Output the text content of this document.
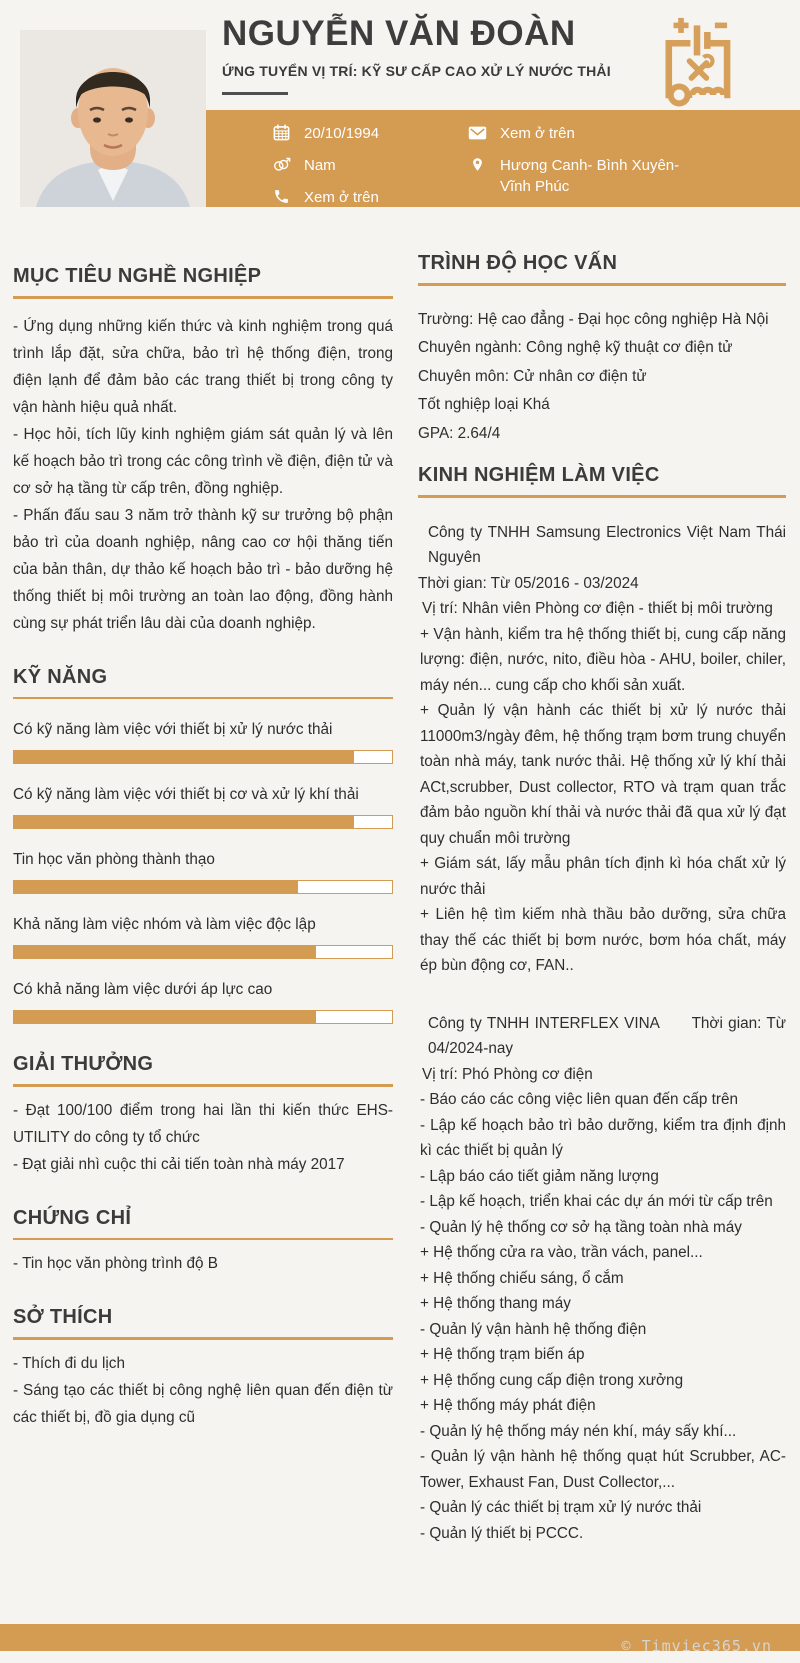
NGUYỄN VĂN ĐOÀN
ỨNG TUYỂN VỊ TRÍ: KỸ SƯ CẤP CAO XỬ LÝ NƯỚC THẢI
20/10/1994
Nam
Xem ở trên
Xem ở trên
Hương Canh- Bình Xuyên- Vĩnh Phúc
MỤC TIÊU NGHỀ NGHIỆP
- Ứng dụng những kiến thức và kinh nghiệm trong quá trình lắp đặt, sửa chữa, bảo trì hệ thống điện, trong điện lạnh để đảm bảo các trang thiết bị trong công ty vận hành hiệu quả nhất.
- Học hỏi, tích lũy kinh nghiệm giám sát quản lý và lên kế hoạch bảo trì trong các công trình về điện, điện tử và cơ sở hạ tầng từ cấp trên, đồng nghiệp.
- Phấn đấu sau 3 năm trở thành kỹ sư trưởng bộ phận bảo trì của doanh nghiệp, nâng cao cơ hội thăng tiến của bản thân, dự thảo kế hoạch bảo trì - bảo dưỡng hệ thống thiết bị môi trường an toàn lao động, đồng hành cùng sự phát triển lâu dài của doanh nghiệp.
KỸ NĂNG
Có kỹ năng làm việc với thiết bị xử lý nước thải
Có kỹ năng làm việc với thiết bị cơ và xử lý khí thải
Tin học văn phòng thành thạo
Khả năng làm việc nhóm và làm việc độc lập
Có khả năng làm việc dưới áp lực cao
GIẢI THƯỞNG
- Đạt 100/100 điểm trong hai lần thi kiến thức EHS- UTILITY do công ty tổ chức
- Đạt giải nhì cuộc thi cải tiến toàn nhà máy 2017
CHỨNG CHỈ
- Tin học văn phòng trình độ B
SỞ THÍCH
- Thích đi du lịch
- Sáng tạo các thiết bị công nghệ liên quan đến điện từ các thiết bị, đồ gia dụng cũ
TRÌNH ĐỘ HỌC VẤN
Trường: Hệ cao đẳng - Đại học công nghiệp Hà Nội
Chuyên ngành: Công nghệ kỹ thuật cơ điện tử
Chuyên môn: Cử nhân cơ điện tử
Tốt nghiệp loại Khá
GPA: 2.64/4
KINH NGHIỆM LÀM VIỆC
Công ty TNHH Samsung Electronics Việt Nam Thái Nguyên
Thời gian: Từ 05/2016 - 03/2024
Vị trí: Nhân viên Phòng cơ điện - thiết bị môi trường
+ Vận hành, kiểm tra hệ thống thiết bị, cung cấp năng lượng: điện, nước, nito, điều hòa - AHU, boiler, chiler, máy nén... cung cấp cho khối sản xuất.
+ Quản lý vận hành các thiết bị xử lý nước thải 11000m3/ngày đêm, hệ thống trạm bơm trung chuyển toàn nhà máy, tank nước thải. Hệ thống xử lý khí thải ACt,scrubber, Dust collector, RTO và trạm quan trắc đảm bảo nguồn khí thải và nước thải đã qua xử lý đạt quy chuẩn môi trường
+ Giám sát, lấy mẫu phân tích định kì hóa chất xử lý nước thải
+ Liên hệ tìm kiếm nhà thầu bảo dưỡng, sửa chữa thay thế các thiết bị bơm nước, bơm hóa chất, máy ép bùn động cơ, FAN..
Công ty TNHH INTERFLEX VINA      Thời gian: Từ 04/2024-nay
Vị trí: Phó Phòng cơ điện
- Báo cáo các công việc liên quan đến cấp trên
- Lập kế hoạch bảo trì bảo dưỡng, kiểm tra định định kì các thiết bị quản lý
- Lập báo cáo tiết giảm năng lượng
- Lập kế hoạch, triển khai các dự án mới từ cấp trên
- Quản lý hệ thống cơ sở hạ tầng toàn nhà máy
+ Hệ thống cửa ra vào, trần vách, panel...
+ Hệ thống chiếu sáng, ổ cắm
+ Hệ thống thang máy
- Quản lý vận hành hệ thống điện
+ Hệ thống trạm biến áp
+ Hệ thống cung cấp điện trong xưởng
+ Hệ thống máy phát điện
- Quản lý hệ thống máy nén khí, máy sấy khí...
- Quản lý vận hành hệ thống quạt hút Scrubber, AC-Tower, Exhaust Fan, Dust Collector,...
- Quản lý các thiết bị trạm xử lý nước thải
- Quản lý thiết bị PCCC.
© Timviec365.vn
